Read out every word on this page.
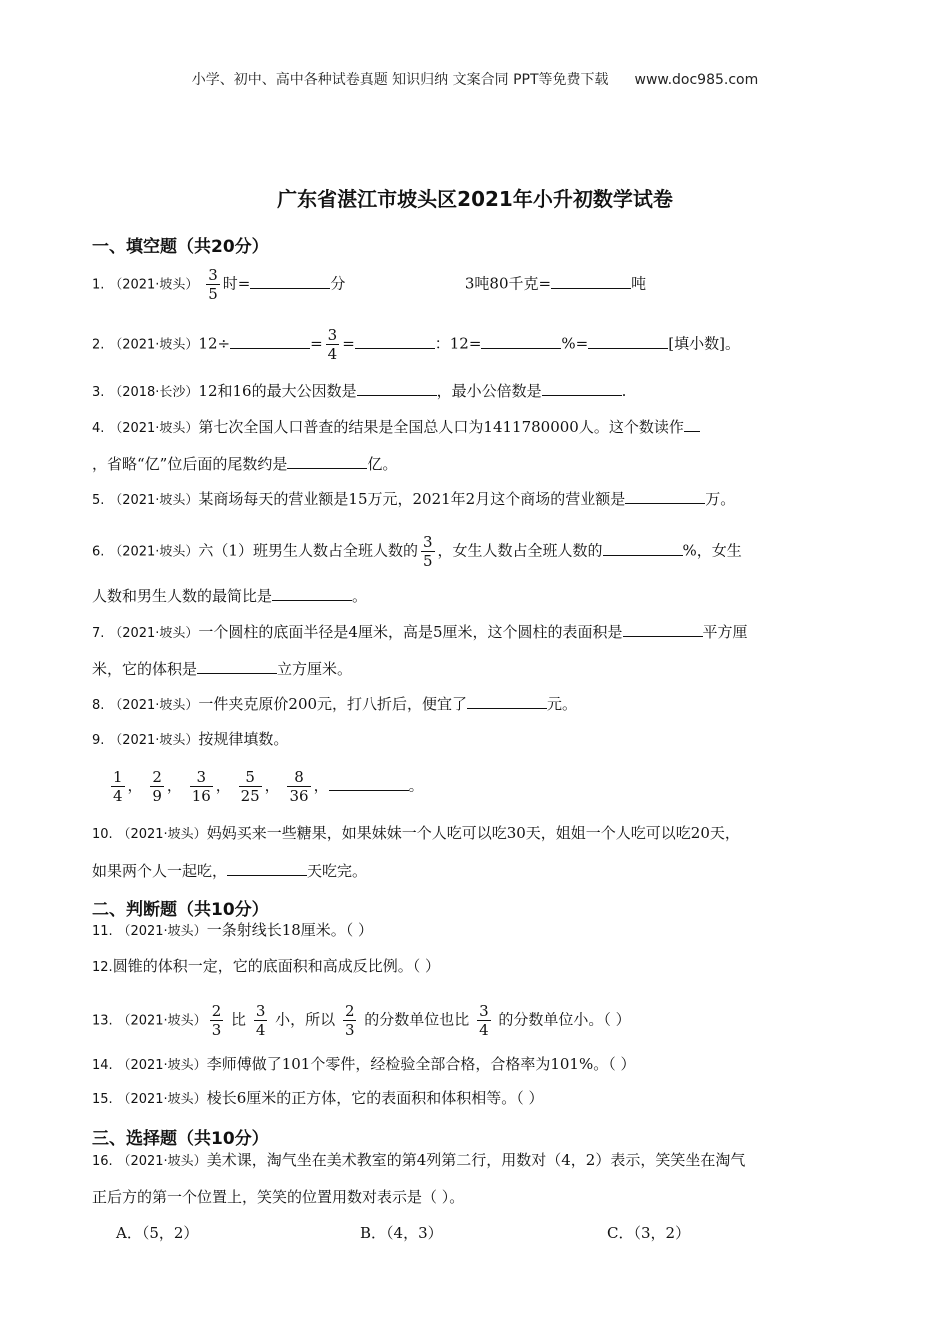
小学、初中、高中各种试卷真题 知识归纳 文案合同 PPT等免费下载 www.doc985.com
广东省湛江市坡头区2021年小升初数学试卷
一、填空题（共20分）
1. （2021·坡头） $\frac{3}{5}$ 时=	分	3吨80千克=	吨
2. （2021·坡头）12÷	= $\frac{3}{4}$ =	：12=	%=	[填小数]。
3. （2018·长沙）12和16的最大公因数是	，最小公倍数是	.
4. （2021·坡头）第七次全国人口普查的结果是全国总人口为1411780000人。这个数读作
，省略“亿”位后面的尾数约是	亿。
5. （2021·坡头）某商场每天的营业额是15万元，2021年2月这个商场的营业额是	万。
6. （2021·坡头）六（1）班男生人数占全班人数的 $\frac{3}{5}$ ，女生人数占全班人数的	%，女生
人数和男生人数的最简比是	。
7. （2021·坡头）一个圆柱的底面半径是4厘米，高是5厘米，这个圆柱的表面积是	平方厘
米，它的体积是	立方厘米。
8. （2021·坡头）一件夹克原价200元，打八折后，便宜了	元。
9. （2021·坡头）按规律填数。
$\frac{1}{4}$ ， $\frac{2}{9}$ ， $\frac{3}{16}$ ， $\frac{5}{25}$ ， $\frac{8}{36}$ ，	。
10. （2021·坡头）妈妈买来一些糖果，如果妹妹一个人吃可以吃30天，姐姐一个人吃可以吃20天，
如果两个人一起吃，	天吃完。
二、判断题（共10分）
11. （2021·坡头）一条射线长18厘米。（ ）
12.圆锥的体积一定，它的底面积和高成反比例。（ ）
13. （2021·坡头） $\frac{2}{3}$ 比 $\frac{3}{4}$ 小，所以 $\frac{2}{3}$ 的分数单位也比 $\frac{3}{4}$ 的分数单位小。（ ）
14. （2021·坡头）李师傅做了101个零件，经检验全部合格，合格率为101%。（ ）
15. （2021·坡头）棱长6厘米的正方体，它的表面积和体积相等。（ ）
三、选择题（共10分）
16. （2021·坡头）美术课，淘气坐在美术教室的第4列第二行，用数对（4，2）表示，笑笑坐在淘气
正后方的第一个位置上，笑笑的位置用数对表示是（ ）。
A．（5，2）	B．（4，3）	C．（3，2）
